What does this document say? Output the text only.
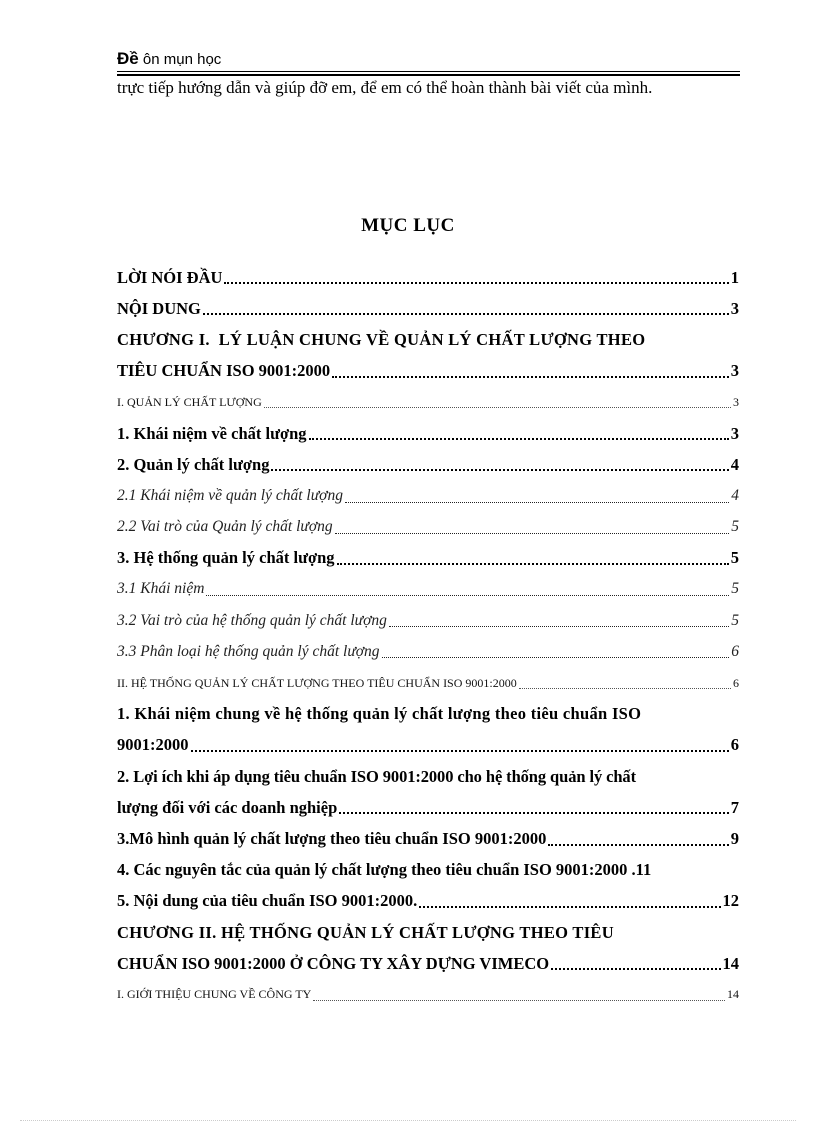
Đề ôn mụn học
trực tiếp hướng dẫn và giúp đỡ em, để em có thể hoàn thành bài viết của mình.
MỤC LỤC
LỜI NÓI ĐẦU	1
NỘI DUNG	3
CHƯƠNG I.  LÝ LUẬN CHUNG VỀ QUẢN LÝ CHẤT LƯỢNG THEO
TIÊU CHUẨN ISO 9001:2000	3
I. QUẢN LÝ CHẤT LƯỢNG	3
1. Khái niệm về chất lượng	3
2. Quản lý chất lượng	4
2.1 Khái niệm về quản lý chất lượng	4
2.2 Vai trò của Quản lý chất lượng	5
3. Hệ thống quản lý chất lượng	5
3.1 Khái niệm	5
3.2 Vai trò của hệ thống quản lý chất lượng	5
3.3 Phân loại hệ thống quản lý chất lượng	6
II. HỆ THỐNG QUẢN LÝ CHẤT LƯỢNG THEO TIÊU CHUẨN ISO 9001:2000	6
1. Khái niệm chung về hệ thống quản lý chất lượng theo tiêu chuẩn ISO
9001:2000	6
2. Lợi ích khi áp dụng tiêu chuẩn ISO 9001:2000 cho hệ thống quản lý chất
lượng đối với các doanh nghiệp	7
3.Mô hình quản lý chất lượng theo tiêu chuẩn ISO 9001:2000	9
4. Các nguyên tắc của quản lý chất lượng theo tiêu chuẩn ISO 9001:2000 . 11
5. Nội dung của tiêu chuẩn ISO 9001:2000.	12
CHƯƠNG II. HỆ THỐNG QUẢN LÝ CHẤT LƯỢNG THEO TIÊU
CHUẨN ISO 9001:2000 Ở CÔNG TY XÂY DỰNG VIMECO	14
I. GIỚI THIỆU CHUNG VỀ CÔNG TY	14
